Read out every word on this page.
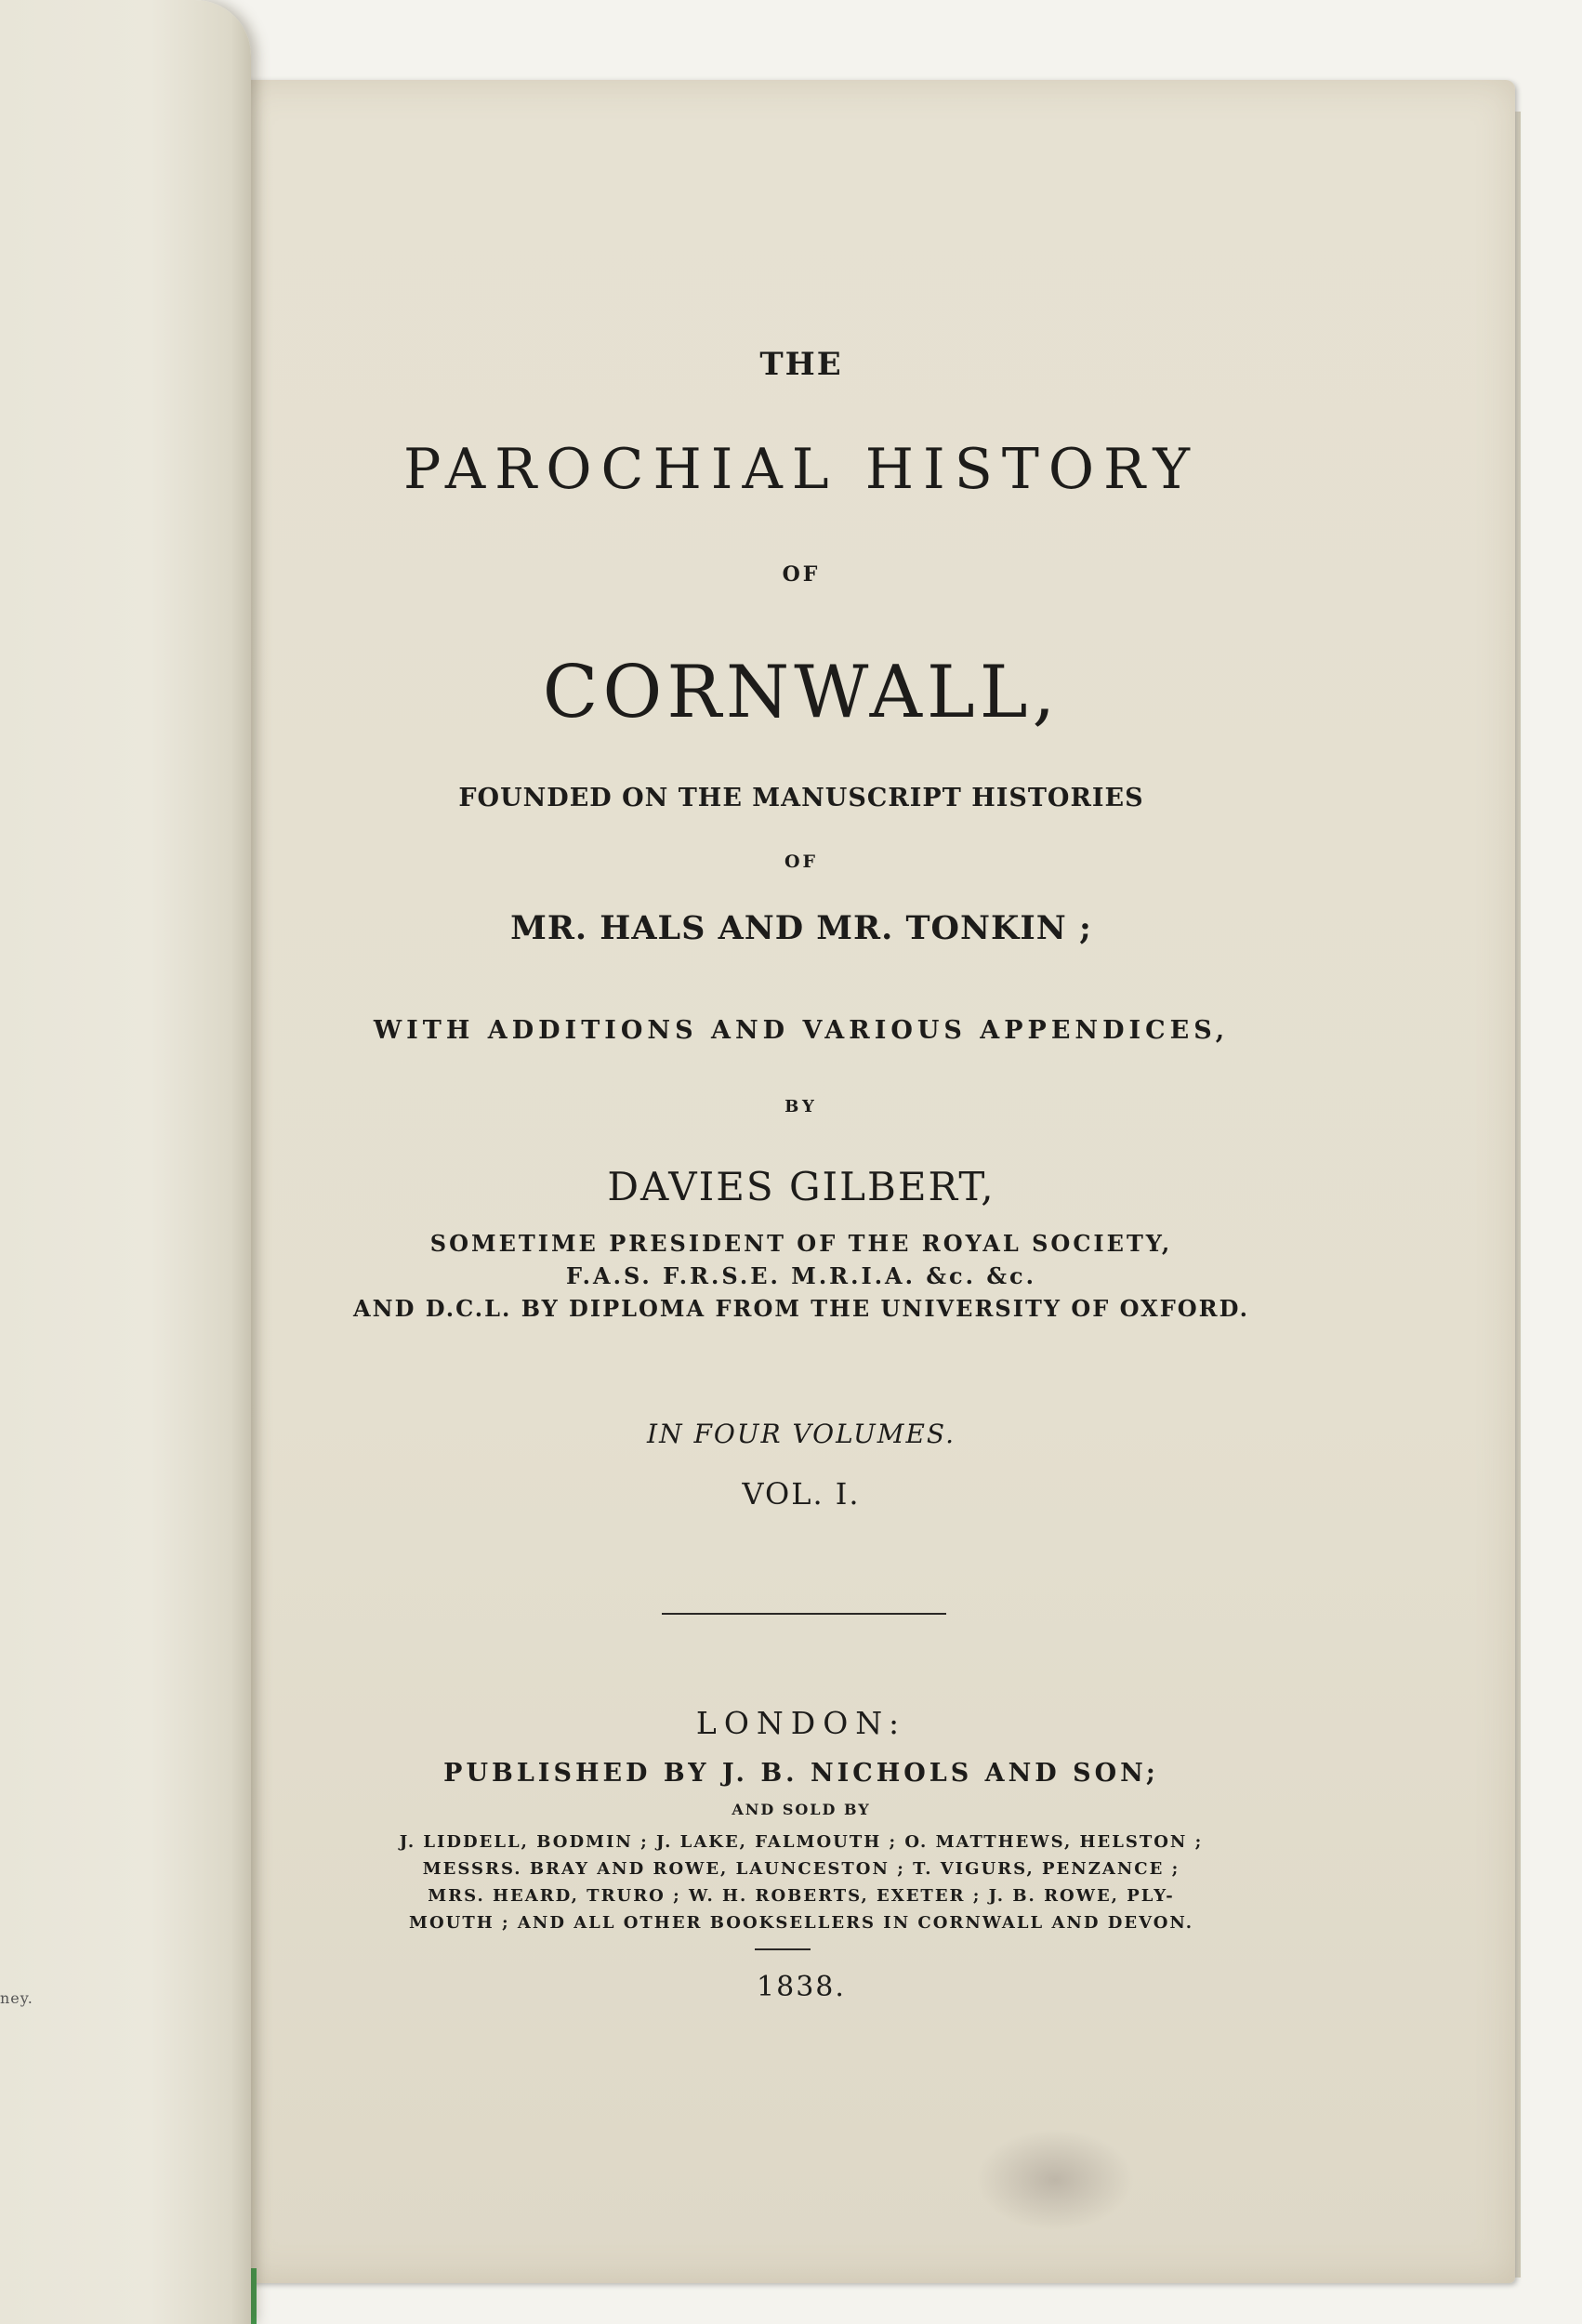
ney.
THE
PAROCHIAL HISTORY
OF
CORNWALL,
FOUNDED ON THE MANUSCRIPT HISTORIES
OF
MR. HALS AND MR. TONKIN ;
WITH ADDITIONS AND VARIOUS APPENDICES,
BY
DAVIES GILBERT,
SOMETIME PRESIDENT OF THE ROYAL SOCIETY,
F.A.S. F.R.S.E. M.R.I.A. &c. &c.
AND D.C.L. BY DIPLOMA FROM THE UNIVERSITY OF OXFORD.
IN FOUR VOLUMES.
VOL. I.
LONDON:
PUBLISHED BY J. B. NICHOLS AND SON;
AND SOLD BY
J. LIDDELL, BODMIN ; J. LAKE, FALMOUTH ; O. MATTHEWS, HELSTON ;
MESSRS. BRAY AND ROWE, LAUNCESTON ; T. VIGURS, PENZANCE ;
MRS. HEARD, TRURO ; W. H. ROBERTS, EXETER ; J. B. ROWE, PLY-
MOUTH ; AND ALL OTHER BOOKSELLERS IN CORNWALL AND DEVON.
1838.
